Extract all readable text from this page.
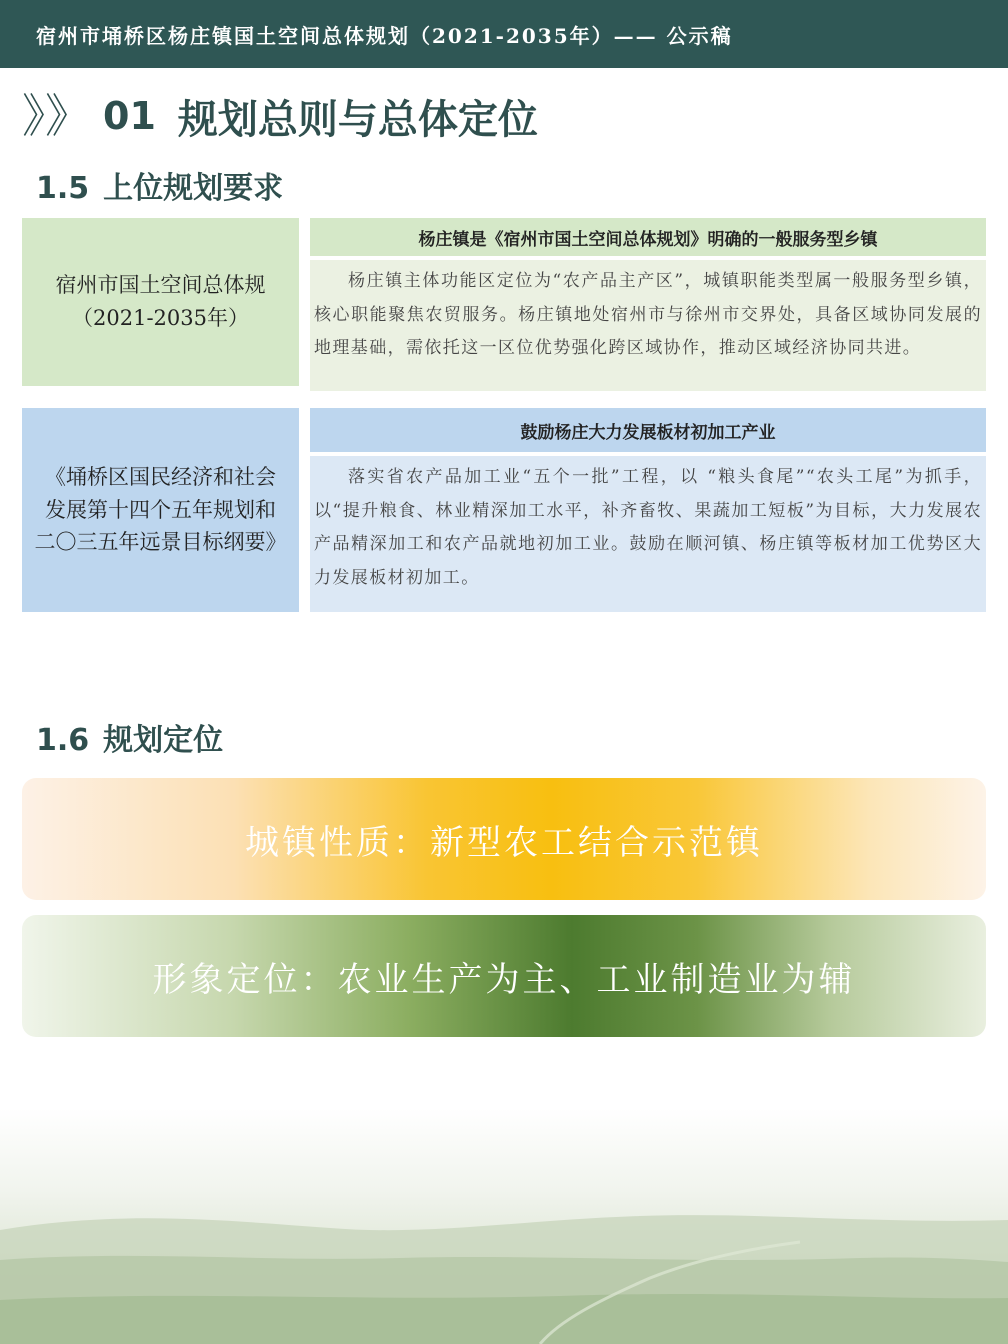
宿州市埇桥区杨庄镇国土空间总体规划（2021-2035年）—— 公示稿
》》 01 规划总则与总体定位
1.5 上位规划要求
宿州市国土空间总体规
（2021-2035年）
杨庄镇是《宿州市国土空间总体规划》明确的一般服务型乡镇
杨庄镇主体功能区定位为“农产品主产区”，城镇职能类型属一般服务型乡镇，核心职能聚焦农贸服务。杨庄镇地处宿州市与徐州市交界处，具备区域协同发展的地理基础，需依托这一区位优势强化跨区域协作，推动区域经济协同共进。
《埇桥区国民经济和社会
发展第十四个五年规划和
二〇三五年远景目标纲要》
鼓励杨庄大力发展板材初加工产业
落实省农产品加工业“五个一批”工程，以 “粮头食尾”“农头工尾”为抓手，以“提升粮食、林业精深加工水平，补齐畜牧、果蔬加工短板”为目标，大力发展农产品精深加工和农产品就地初加工业。鼓励在顺河镇、杨庄镇等板材加工优势区大力发展板材初加工。
1.6 规划定位
城镇性质：新型农工结合示范镇
形象定位：农业生产为主、工业制造业为辅
